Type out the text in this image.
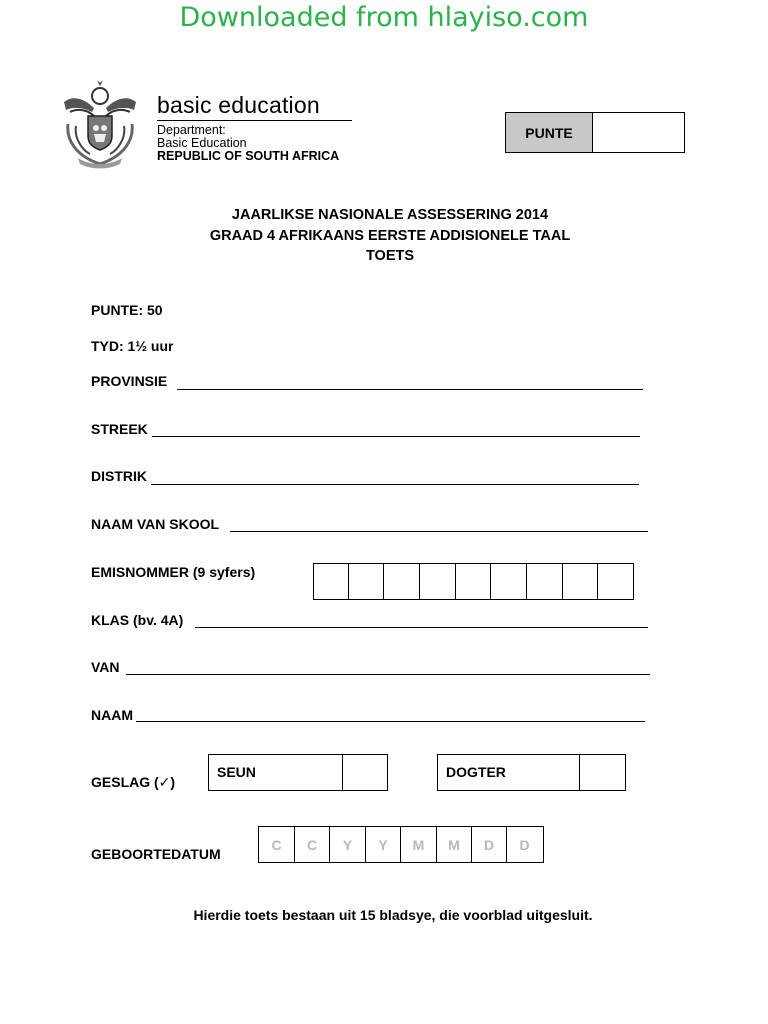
Downloaded from hlayiso.com
basic education
Department:
Basic Education
REPUBLIC OF SOUTH AFRICA
PUNTE
JAARLIKSE NASIONALE ASSESSERING 2014
GRAAD 4 AFRIKAANS EERSTE ADDISIONELE TAAL
TOETS
PUNTE: 50
TYD: 1½ uur
PROVINSIE
STREEK
DISTRIK
NAAM VAN SKOOL
EMISNOMMER (9 syfers)
KLAS (bv. 4A)
VAN
NAAM
GESLAG (✓)
SEUN	DOGTER
GEBOORTEDATUM
C	C	Y	Y	M	M	D	D
Hierdie toets bestaan uit 15 bladsye, die voorblad uitgesluit.
